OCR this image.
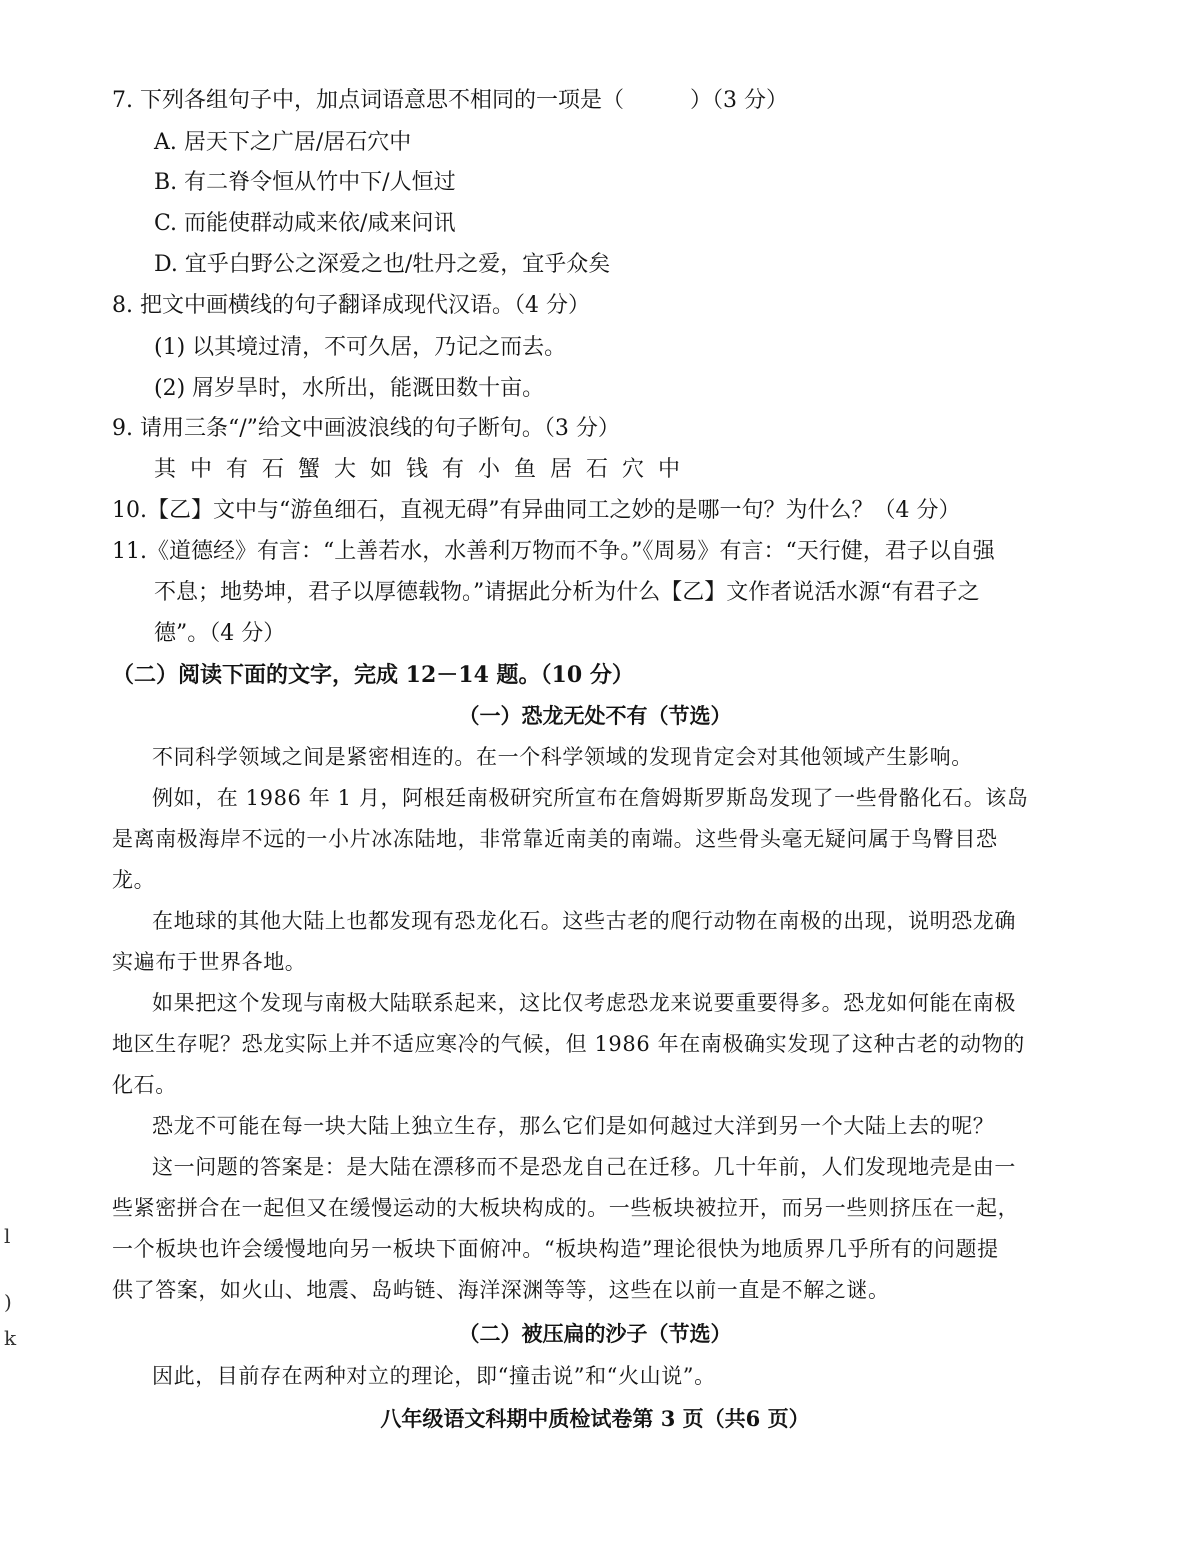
7. 下列各组句子中，加点词语意思不相同的一项是（　　　）（3 分）
A. 居天下之广居/居石穴中
B. 有二脊令恒从竹中下/人恒过
C. 而能使群动咸来依/咸来问讯
D. 宜乎白野公之深爱之也/牡丹之爱，宜乎众矣
8. 把文中画横线的句子翻译成现代汉语。（4 分）
(1) 以其境过清，不可久居，乃记之而去。
(2) 屑岁旱时，水所出，能溉田数十亩。
9. 请用三条“/”给文中画波浪线的句子断句。（3 分）
其中有石蟹大如钱有小鱼居石穴中
10.【乙】文中与“游鱼细石，直视无碍”有异曲同工之妙的是哪一句？为什么？（4 分）
11.《道德经》有言：“上善若水，水善利万物而不争。”《周易》有言：“天行健，君子以自强
不息；地势坤，君子以厚德载物。”请据此分析为什么【乙】文作者说活水源“有君子之
德”。（4 分）
（二）阅读下面的文字，完成 12－14 题。（10 分）
（一）恐龙无处不有（节选）
不同科学领域之间是紧密相连的。在一个科学领域的发现肯定会对其他领域产生影响。
例如，在 1986 年 1 月，阿根廷南极研究所宣布在詹姆斯罗斯岛发现了一些骨骼化石。该岛
是离南极海岸不远的一小片冰冻陆地，非常靠近南美的南端。这些骨头毫无疑问属于鸟臀目恐
龙。
在地球的其他大陆上也都发现有恐龙化石。这些古老的爬行动物在南极的出现，说明恐龙确
实遍布于世界各地。
如果把这个发现与南极大陆联系起来，这比仅考虑恐龙来说要重要得多。恐龙如何能在南极
地区生存呢？恐龙实际上并不适应寒冷的气候，但 1986 年在南极确实发现了这种古老的动物的
化石。
恐龙不可能在每一块大陆上独立生存，那么它们是如何越过大洋到另一个大陆上去的呢？
这一问题的答案是：是大陆在漂移而不是恐龙自己在迁移。几十年前，人们发现地壳是由一
些紧密拼合在一起但又在缓慢运动的大板块构成的。一些板块被拉开，而另一些则挤压在一起，
一个板块也许会缓慢地向另一板块下面俯冲。“板块构造”理论很快为地质界几乎所有的问题提
供了答案，如火山、地震、岛屿链、海洋深渊等等，这些在以前一直是不解之谜。
（二）被压扁的沙子（节选）
因此，目前存在两种对立的理论，即“撞击说”和“火山说”。
八年级语文科期中质检试卷第 3 页（共6 页）
l
)
k
